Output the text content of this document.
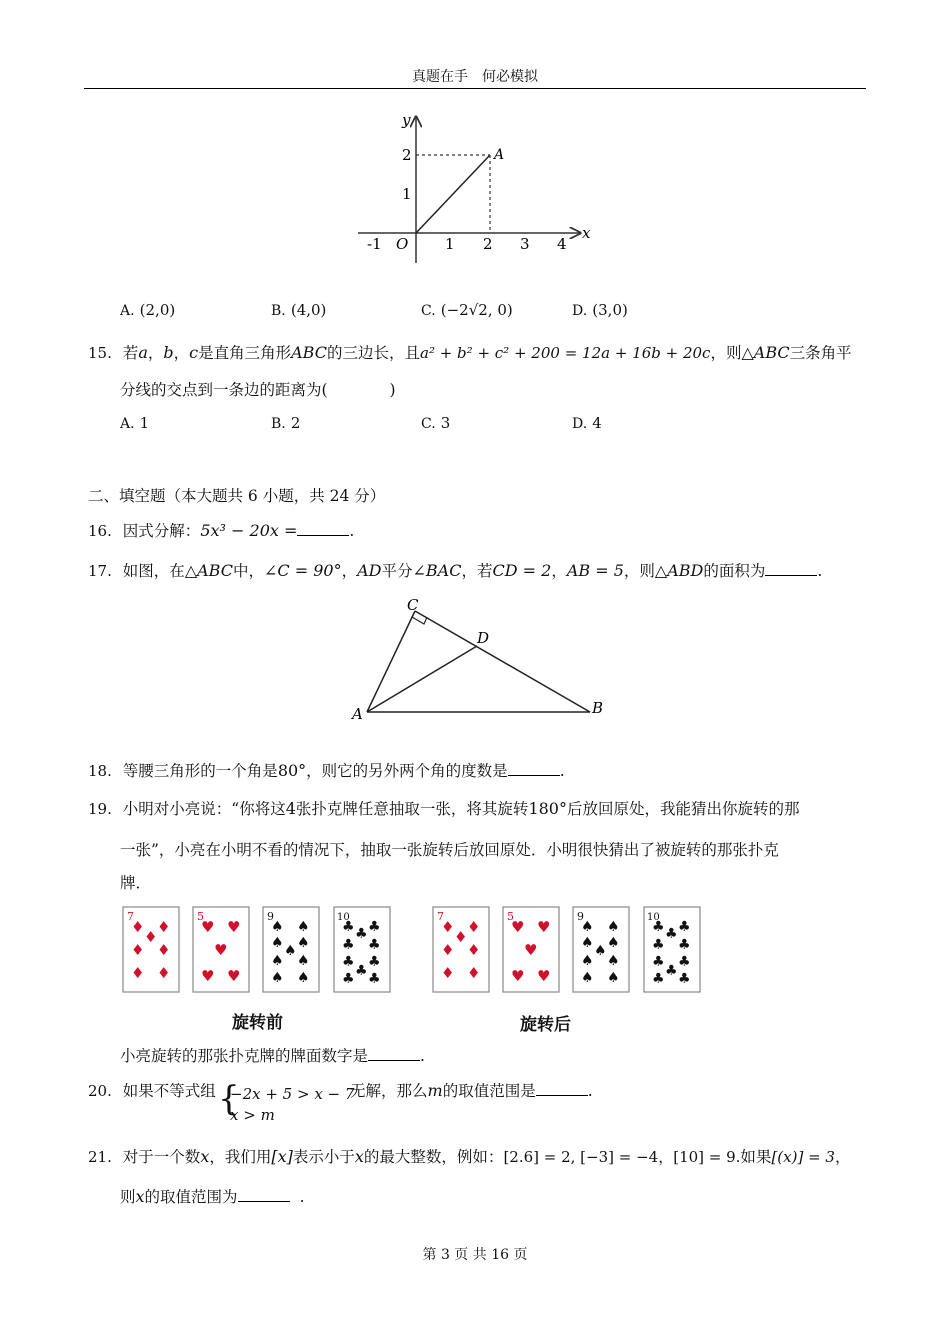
真题在手　何必模拟
y
x
O
A
-1	1 2 3 4
1
2
A. (2,0)	B. (4,0)	C. (−2√2, 0)	D. (3,0)
15. 若a，b，c是直角三角形ABC的三边长，且a² + b² + c² + 200 = 12a + 16b + 20c，则△ABC三条角平
分线的交点到一条边的距离为(　　　　)
A. 1	B. 2	C. 3	D. 4
二、填空题（本大题共 6 小题，共 24 分）
16. 因式分解：5x³ − 20x =	.
17. 如图，在△ABC中，∠C = 90°，AD平分∠BAC，若CD = 2，AB = 5，则△ABD的面积为	.
A	B
C
D
18. 等腰三角形的一个角是80°，则它的另外两个角的度数是	.
19. 小明对小亮说：“你将这4张扑克牌任意抽取一张，将其旋转180°后放回原处，我能猜出你旋转的那
一张”，小亮在小明不看的情况下，抽取一张旋转后放回原处．小明很快猜出了被旋转的那张扑克
牌．
7
♦ ♦
♦
♦ ♦
♦ ♦
5
♥ ♥
♥
♥ ♥
9
♠ ♠
♠ ♠
♠
♠ ♠
♠ ♠
10
♣ ♣
♣
♣ ♣
♣ ♣
♣
♣ ♣
7
♦ ♦
♦
♦ ♦
♦ ♦
5
♥ ♥
♥
♥ ♥
9
♠ ♠
♠ ♠
♠
♠ ♠
♠ ♠
10
♣ ♣
♣
♣ ♣
♣ ♣
♣
♣ ♣
旋转前	旋转后
小亮旋转的那张扑克牌的牌面数字是	.
20. 如果不等式组 {
−2x + 5 > x − 7
x > m
无解，那么m的取值范围是	.
21. 对于一个数x，我们用[x]表示小于x的最大整数，例如：[2.6] = 2, [−3] = −4，[10] = 9.如果[(x)] = 3，
则x的取值范围为	.
第 3 页 共 16 页
